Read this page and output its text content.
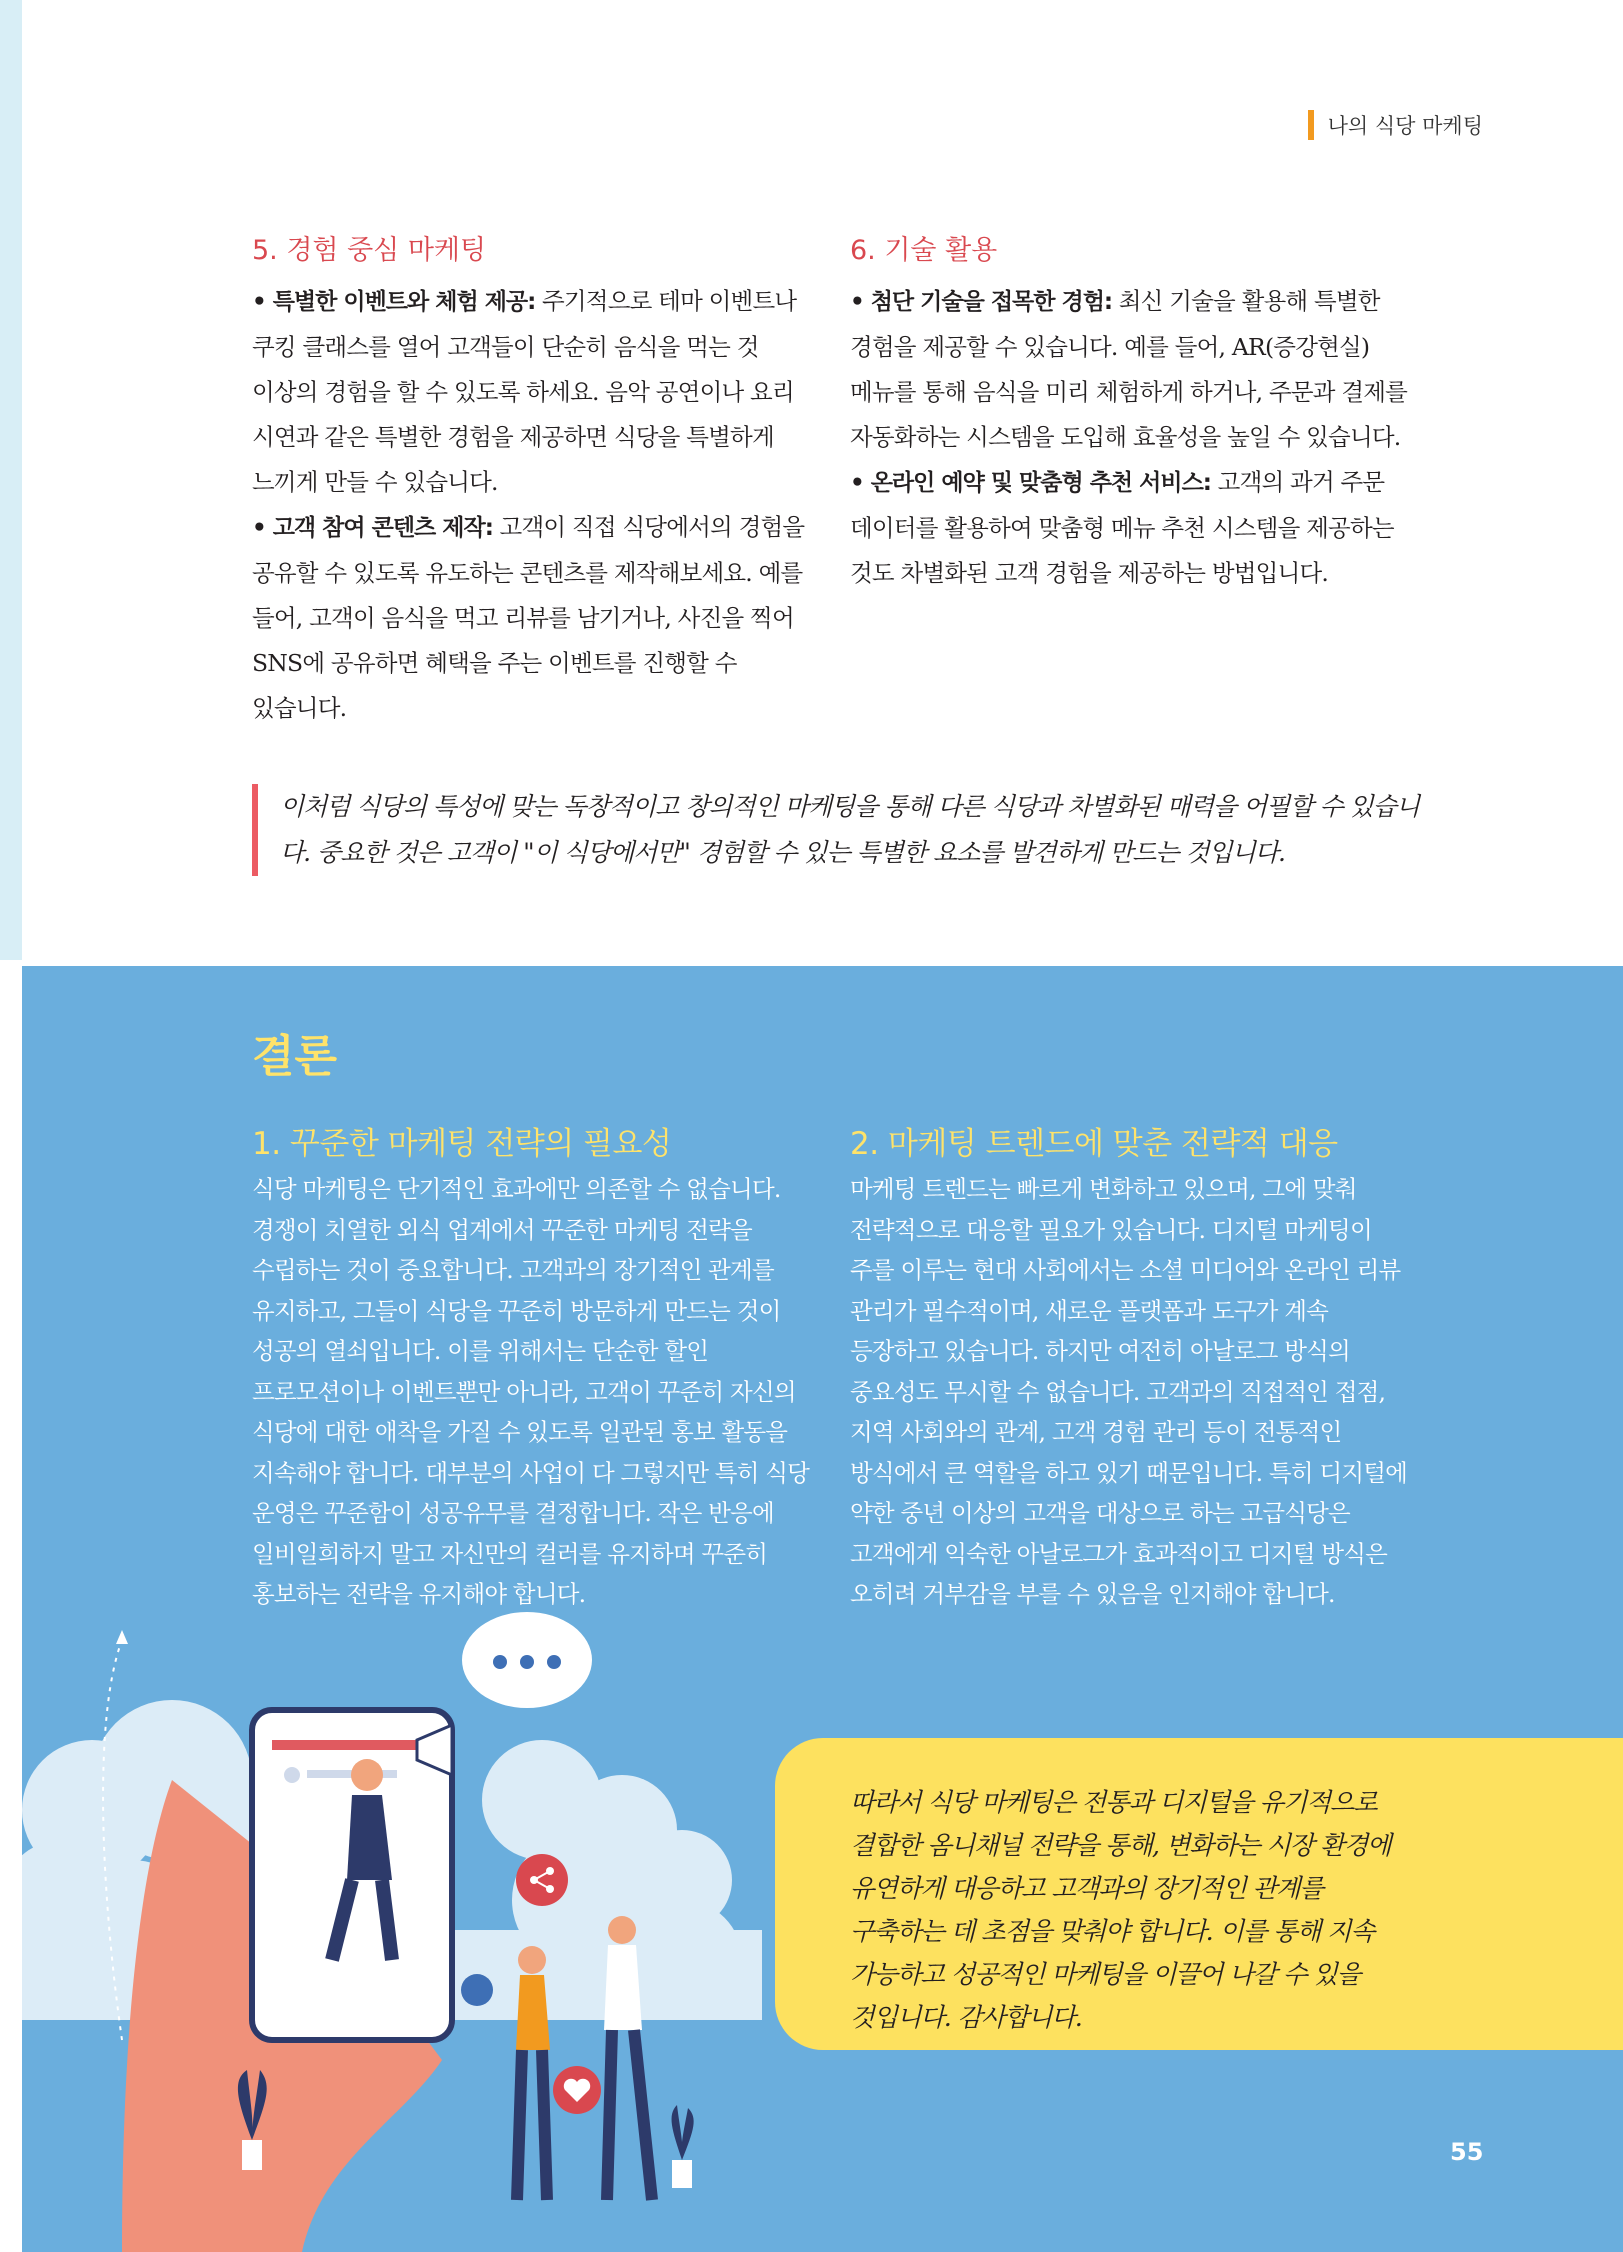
나의 식당 마케팅
5. 경험 중심 마케팅

• 특별한 이벤트와 체험 제공: 주기적으로 테마 이벤트나 쿠킹 클래스를 열어 고객들이 단순히 음식을 먹는 것 이상의 경험을 할 수 있도록 하세요. 음악 공연이나 요리 시연과 같은 특별한 경험을 제공하면 식당을 특별하게 느끼게 만들 수 있습니다.

• 고객 참여 콘텐츠 제작: 고객이 직접 식당에서의 경험을 공유할 수 있도록 유도하는 콘텐츠를 제작해보세요. 예를 들어, 고객이 음식을 먹고 리뷰를 남기거나, 사진을 찍어 SNS에 공유하면 혜택을 주는 이벤트를 진행할 수 있습니다.

6. 기술 활용

• 첨단 기술을 접목한 경험: 최신 기술을 활용해 특별한 경험을 제공할 수 있습니다. 예를 들어, AR(증강현실) 메뉴를 통해 음식을 미리 체험하게 하거나, 주문과 결제를 자동화하는 시스템을 도입해 효율성을 높일 수 있습니다.

• 온라인 예약 및 맞춤형 추천 서비스: 고객의 과거 주문 데이터를 활용하여 맞춤형 메뉴 추천 시스템을 제공하는 것도 차별화된 고객 경험을 제공하는 방법입니다.

이처럼 식당의 특성에 맞는 독창적이고 창의적인 마케팅을 통해 다른 식당과 차별화된 매력을 어필할 수 있습니다. 중요한 것은 고객이 "이 식당에서만" 경험할 수 있는 특별한 요소를 발견하게 만드는 것입니다.
결론
1. 꾸준한 마케팅 전략의 필요성

식당 마케팅은 단기적인 효과에만 의존할 수 없습니다. 경쟁이 치열한 외식 업계에서 꾸준한 마케팅 전략을 수립하는 것이 중요합니다. 고객과의 장기적인 관계를 유지하고, 그들이 식당을 꾸준히 방문하게 만드는 것이 성공의 열쇠입니다. 이를 위해서는 단순한 할인 프로모션이나 이벤트뿐만 아니라, 고객이 꾸준히 자신의 식당에 대한 애착을 가질 수 있도록 일관된 홍보 활동을 지속해야 합니다. 대부분의 사업이 다 그렇지만 특히 식당 운영은 꾸준함이 성공유무를 결정합니다. 작은 반응에 일비일희하지 말고 자신만의 컬러를 유지하며 꾸준히 홍보하는 전략을 유지해야 합니다.

2. 마케팅 트렌드에 맞춘 전략적 대응

마케팅 트렌드는 빠르게 변화하고 있으며, 그에 맞춰 전략적으로 대응할 필요가 있습니다. 디지털 마케팅이 주를 이루는 현대 사회에서는 소셜 미디어와 온라인 리뷰 관리가 필수적이며, 새로운 플랫폼과 도구가 계속 등장하고 있습니다. 하지만 여전히 아날로그 방식의 중요성도 무시할 수 없습니다. 고객과의 직접적인 접점, 지역 사회와의 관계, 고객 경험 관리 등이 전통적인 방식에서 큰 역할을 하고 있기 때문입니다. 특히 디지털에 약한 중년 이상의 고객을 대상으로 하는 고급식당은 고객에게 익숙한 아날로그가 효과적이고 디지털 방식은 오히려 거부감을 부를 수 있음을 인지해야 합니다.

따라서 식당 마케팅은 전통과 디지털을 유기적으로 결합한 옴니채널 전략을 통해, 변화하는 시장 환경에 유연하게 대응하고 고객과의 장기적인 관계를 구축하는 데 초점을 맞춰야 합니다. 이를 통해 지속 가능하고 성공적인 마케팅을 이끌어 나갈 수 있을 것입니다. 감사합니다.

55
